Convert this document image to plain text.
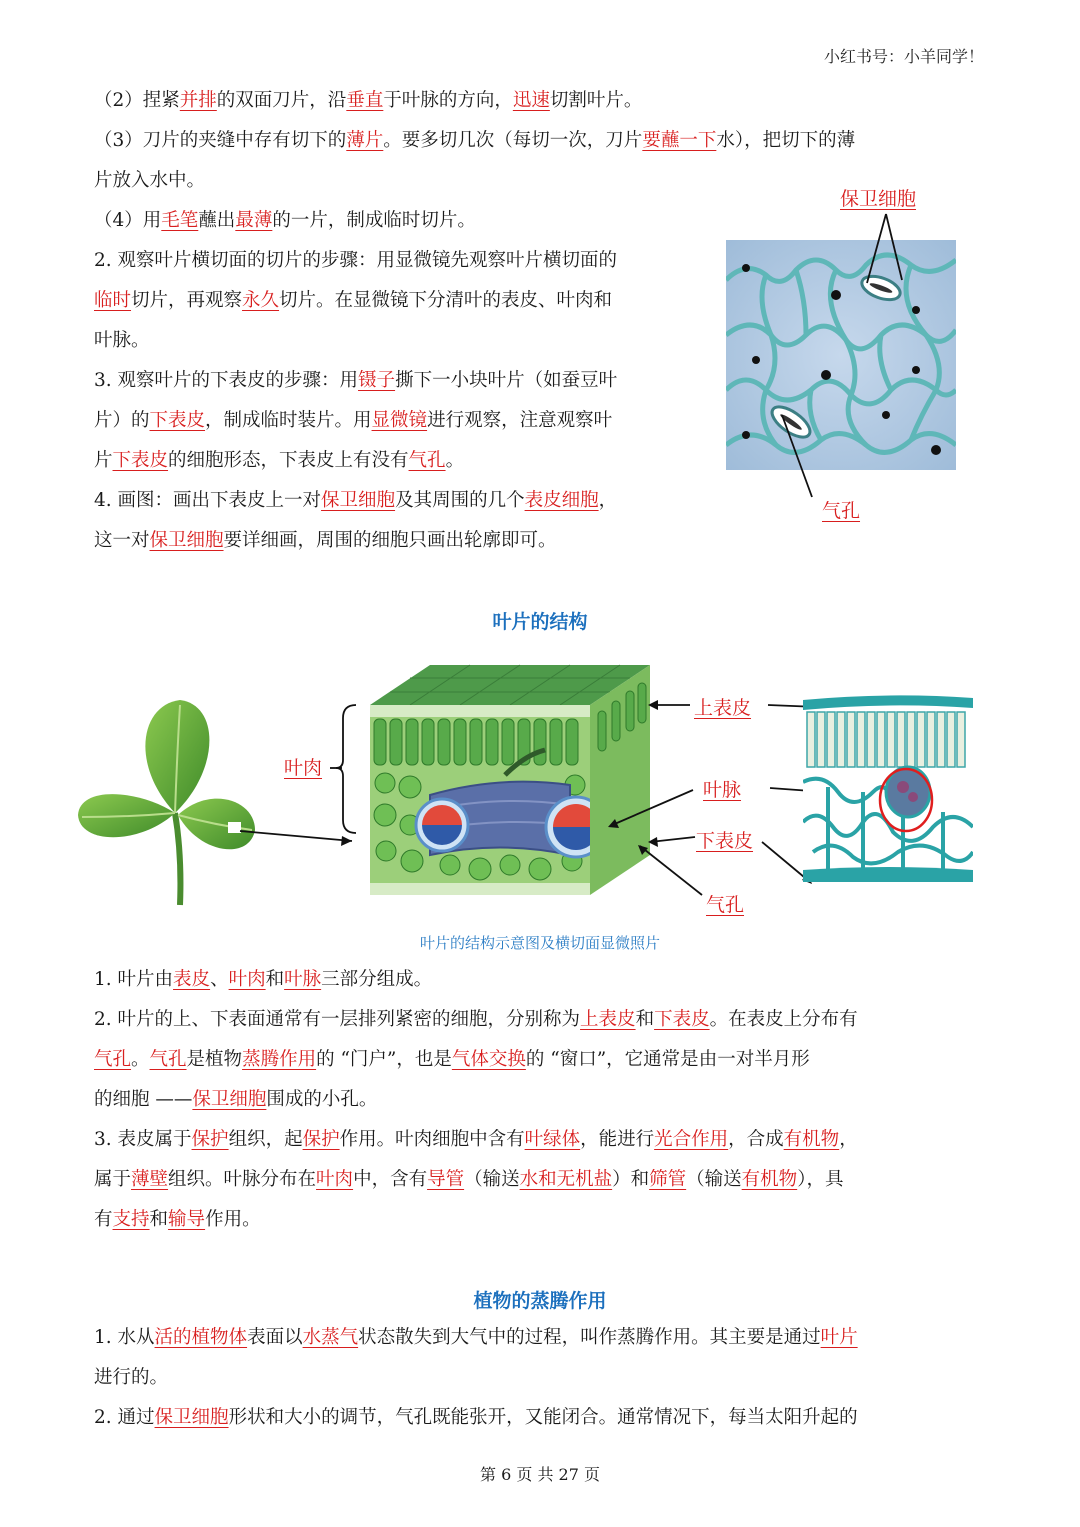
小红书号：小羊同学！

（2）捏紧并排的双面刀片，沿垂直于叶脉的方向，迅速切割叶片。

（3）刀片的夹缝中存有切下的薄片。要多切几次（每切一次，刀片要蘸一下水），把切下的薄

片放入水中。

（4）用毛笔蘸出最薄的一片，制成临时切片。

2. 观察叶片横切面的切片的步骤：用显微镜先观察叶片横切面的

临时切片，再观察永久切片。在显微镜下分清叶的表皮、叶肉和

叶脉。

3. 观察叶片的下表皮的步骤：用镊子撕下一小块叶片（如蚕豆叶

片）的下表皮，制成临时装片。用显微镜进行观察，注意观察叶

片下表皮的细胞形态，下表皮上有没有气孔。

4. 画图：画出下表皮上一对保卫细胞及其周围的几个表皮细胞，

这一对保卫细胞要详细画，周围的细胞只画出轮廓即可。

保卫细胞
气孔
叶片的结构
叶肉
上表皮
叶脉
下表皮
气孔
叶片的结构示意图及横切面显微照片

1. 叶片由表皮、叶肉和叶脉三部分组成。

2. 叶片的上、下表面通常有一层排列紧密的细胞，分别称为上表皮和下表皮。在表皮上分布有

气孔。气孔是植物蒸腾作用的 “门户”，也是气体交换的 “窗口”，它通常是由一对半月形

的细胞 ——保卫细胞围成的小孔。

3. 表皮属于保护组织，起保护作用。叶肉细胞中含有叶绿体，能进行光合作用，合成有机物，

属于薄壁组织。叶脉分布在叶肉中，含有导管（输送水和无机盐）和筛管（输送有机物），具

有支持和输导作用。

植物的蒸腾作用

1. 水从活的植物体表面以水蒸气状态散失到大气中的过程，叫作蒸腾作用。其主要是通过叶片

进行的。

2. 通过保卫细胞形状和大小的调节，气孔既能张开，又能闭合。通常情况下，每当太阳升起的

第 6 页 共 27 页
